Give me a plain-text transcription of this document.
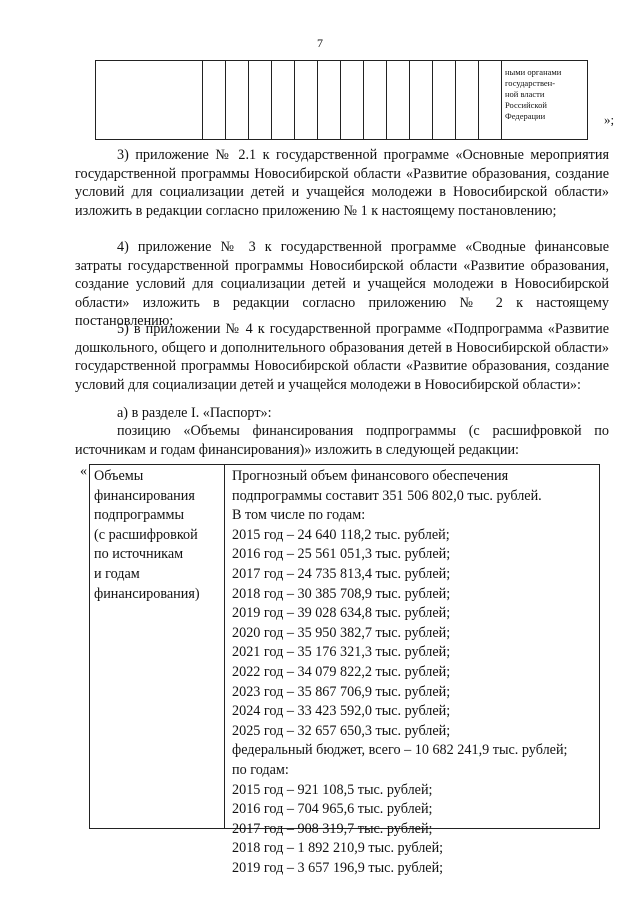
7

ными органами
государствен-
ной власти
Российской
Федерации	»;

3) приложение № 2.1 к государственной программе «Основные мероприятия государственной программы Новосибирской области «Развитие образования, создание условий для социализации детей и учащейся молодежи в Новосибирской области» изложить в редакции согласно приложению № 1 к настоящему постановлению;

4) приложение № 3 к государственной программе «Сводные финансовые затраты государственной программы Новосибирской области «Развитие образования, создание условий для социализации детей и учащейся молодежи в Новосибирской области» изложить в редакции согласно приложению № 2 к настоящему постановлению;

5) в приложении № 4 к государственной программе «Подпрограмма «Развитие дошкольного, общего и дополнительного образования детей в Новосибирской области» государственной программы Новосибирской области «Развитие образования, создание условий для социализации детей и учащейся молодежи в Новосибирской области»:

а) в разделе I. «Паспорт»:

позицию «Объемы финансирования подпрограммы (с расшифровкой по источникам и годам финансирования)» изложить в следующей редакции:

« Объемы
финансирования
подпрограммы
(с расшифровкой
по источникам
и годам
финансирования)
Прогнозный объем финансового обеспечения
подпрограммы составит 351 506 802,0 тыс. рублей.
В том числе по годам:
2015 год – 24 640 118,2 тыс. рублей;
2016 год – 25 561 051,3 тыс. рублей;
2017 год – 24 735 813,4 тыс. рублей;
2018 год – 30 385 708,9 тыс. рублей;
2019 год – 39 028 634,8 тыс. рублей;
2020 год – 35 950 382,7 тыс. рублей;
2021 год – 35 176 321,3 тыс. рублей;
2022 год – 34 079 822,2 тыс. рублей;
2023 год – 35 867 706,9 тыс. рублей;
2024 год – 33 423 592,0 тыс. рублей;
2025 год – 32 657 650,3 тыс. рублей;
федеральный бюджет, всего – 10 682 241,9 тыс. рублей;
по годам:
2015 год – 921 108,5 тыс. рублей;
2016 год – 704 965,6 тыс. рублей;
2017 год – 908 319,7 тыс. рублей;
2018 год – 1 892 210,9 тыс. рублей;
2019 год – 3 657 196,9 тыс. рублей;
